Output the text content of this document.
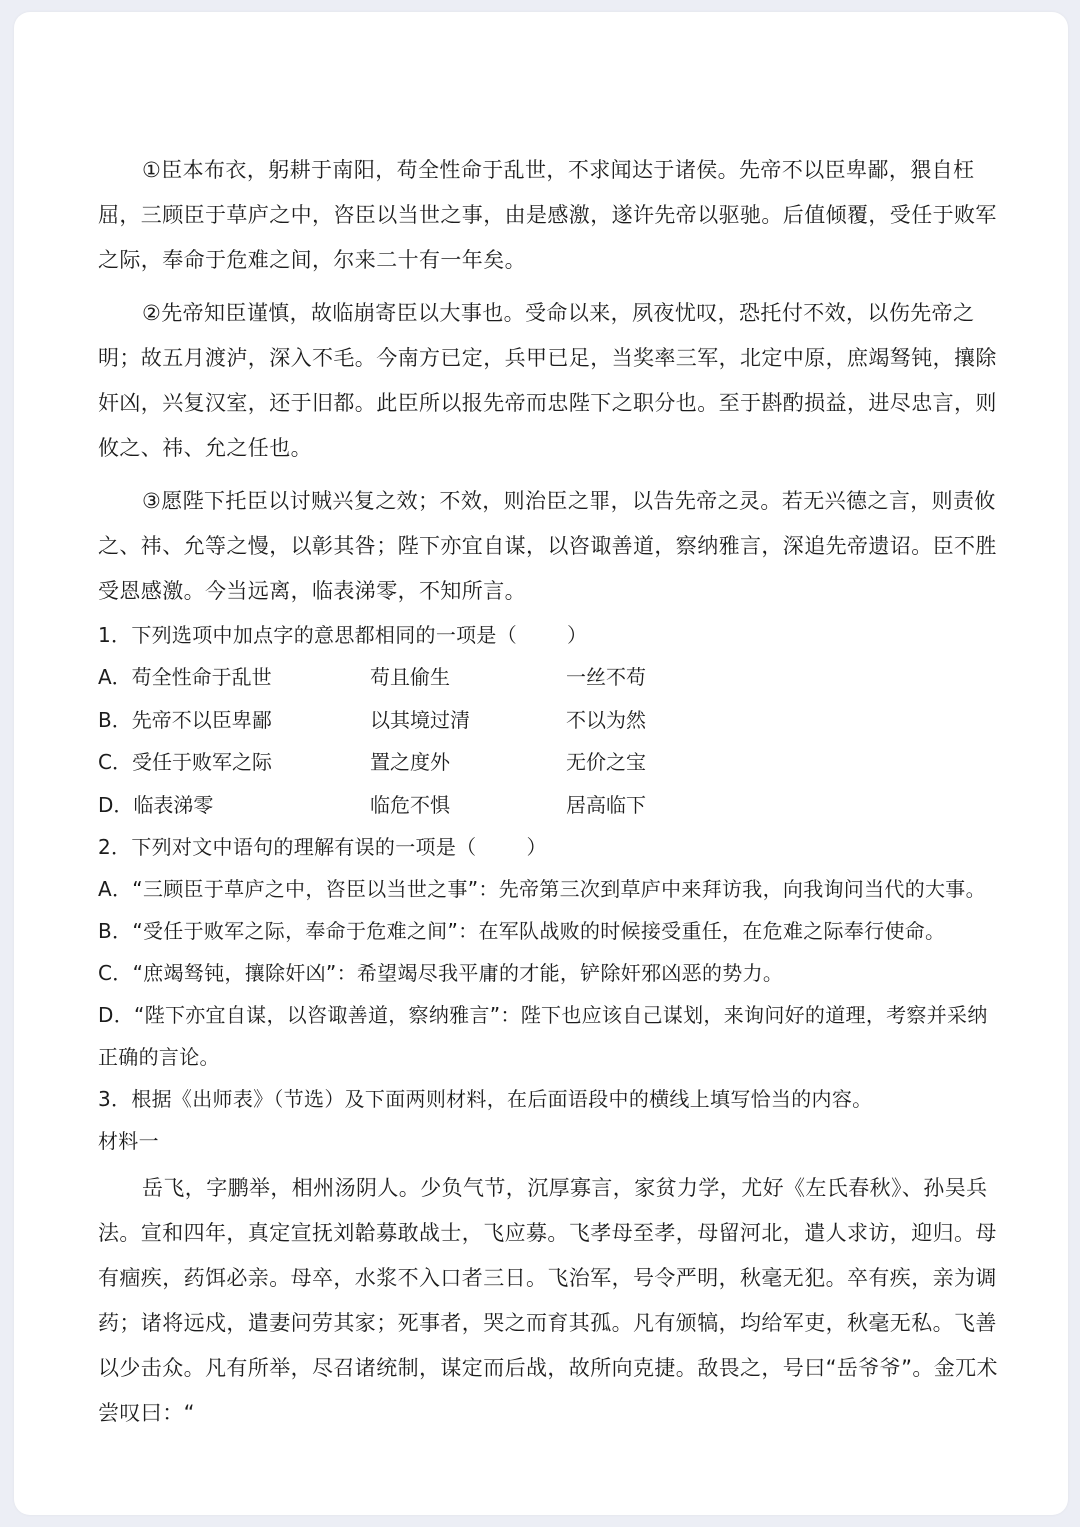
①臣本布衣，躬耕于南阳，苟全性命于乱世，不求闻达于诸侯。先帝不以臣卑鄙，猥自枉屈，三顾臣于草庐之中，咨臣以当世之事，由是感激，遂许先帝以驱驰。后值倾覆，受任于败军之际，奉命于危难之间，尔来二十有一年矣。

②先帝知臣谨慎，故临崩寄臣以大事也。受命以来，夙夜忧叹，恐托付不效，以伤先帝之明；故五月渡泸，深入不毛。今南方已定，兵甲已足，当奖率三军，北定中原，庶竭驽钝，攘除奸凶，兴复汉室，还于旧都。此臣所以报先帝而忠陛下之职分也。至于斟酌损益，进尽忠言，则攸之、祎、允之任也。

③愿陛下托臣以讨贼兴复之效；不效，则治臣之罪，以告先帝之灵。若无兴德之言，则责攸之、祎、允等之慢，以彰其咎；陛下亦宜自谋，以咨诹善道，察纳雅言，深追先帝遗诏。臣不胜受恩感激。今当远离，临表涕零，不知所言。

1．下列选项中加点字的意思都相同的一项是（	）

A．苟全性命于乱世	苟且偷生	一丝不苟
B．先帝不以臣卑鄙	以其境过清	不以为然
C．受任于败军之际	置之度外	无价之宝
D．临表涕零	临危不惧	居高临下

2．下列对文中语句的理解有误的一项是（	）

A．“三顾臣于草庐之中，咨臣以当世之事”：先帝第三次到草庐中来拜访我，向我询问当代的大事。

B．“受任于败军之际，奉命于危难之间”：在军队战败的时候接受重任，在危难之际奉行使命。

C．“庶竭驽钝，攘除奸凶”：希望竭尽我平庸的才能，铲除奸邪凶恶的势力。

D．“陛下亦宜自谋，以咨诹善道，察纳雅言”：陛下也应该自己谋划，来询问好的道理，考察并采纳正确的言论。

3．根据《出师表》（节选）及下面两则材料，在后面语段中的横线上填写恰当的内容。

材料一

岳飞，字鹏举，相州汤阴人。少负气节，沉厚寡言，家贫力学，尤好《左氏春秋》、孙吴兵法。宣和四年，真定宣抚刘韐募敢战士，飞应募。飞孝母至孝，母留河北，遣人求访，迎归。母有痼疾，药饵必亲。母卒，水浆不入口者三日。飞治军，号令严明，秋毫无犯。卒有疾，亲为调药；诸将远戍，遣妻问劳其家；死事者，哭之而育其孤。凡有颁犒，均给军吏，秋毫无私。飞善以少击众。凡有所举，尽召诸统制，谋定而后战，故所向克捷。敌畏之，号曰“岳爷爷”。金兀术尝叹曰：“
